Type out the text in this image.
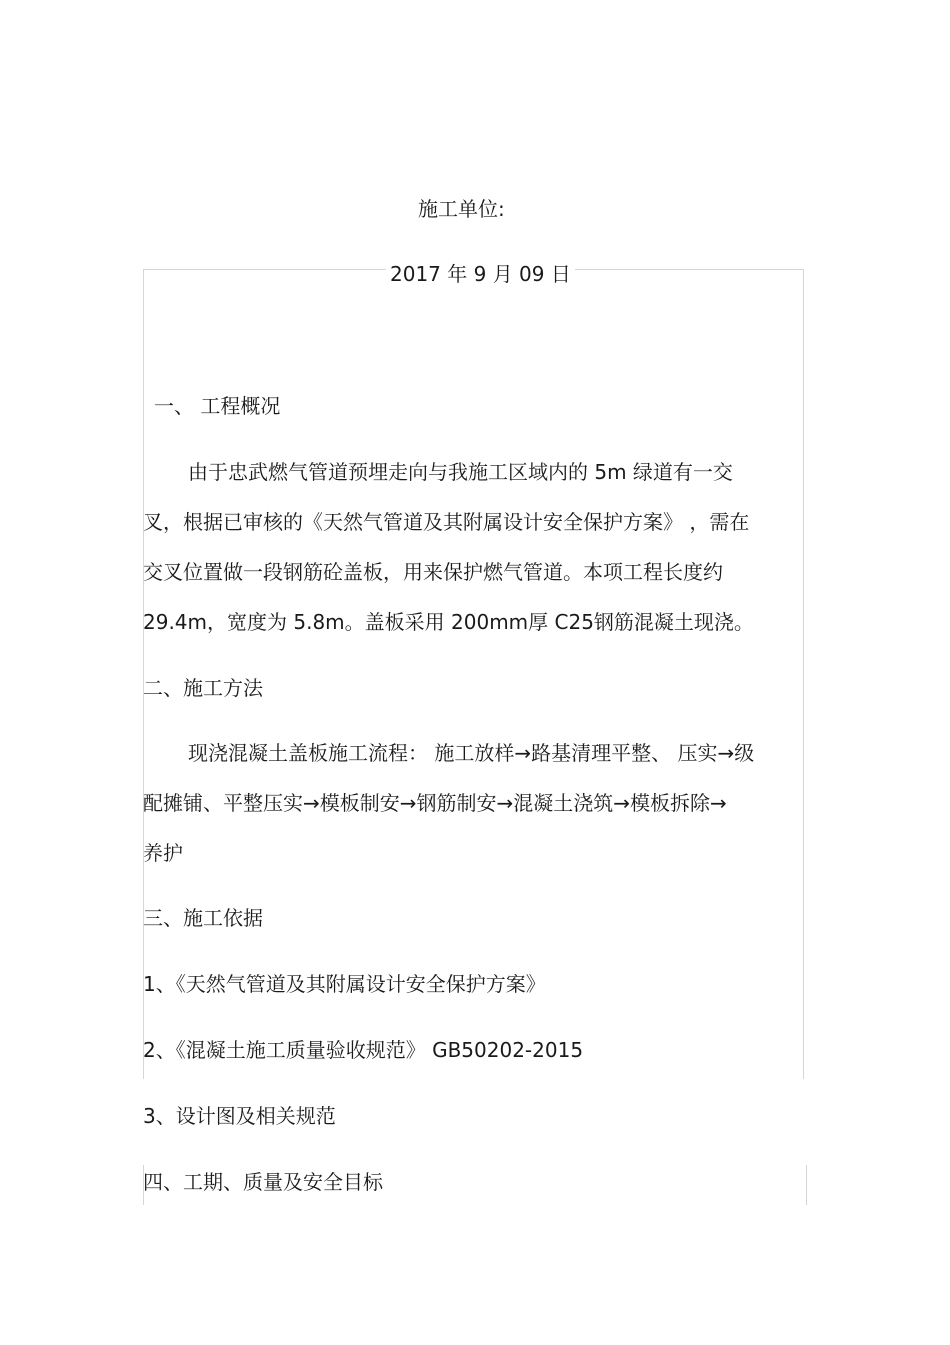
施工单位:
2017 年 9 月 09 日
一、 工程概况
由于忠武燃气管道预埋走向与我施工区域内的 5m 绿道有一交
叉，根据已审核的《天然气管道及其附属设计安全保护方案》 ，需在
交叉位置做一段钢筋砼盖板，用来保护燃气管道。本项工程长度约
29.4m，宽度为 5.8m。盖板采用 200mm厚 C25钢筋混凝土现浇。
二、施工方法
现浇混凝土盖板施工流程： 施工放样→路基清理平整、 压实→级
配摊铺、平整压实→模板制安→钢筋制安→混凝土浇筑→模板拆除→
养护
三、施工依据
1、《天然气管道及其附属设计安全保护方案》
2、《混凝土施工质量验收规范》 GB50202-2015
3、设计图及相关规范
四、工期、质量及安全目标
